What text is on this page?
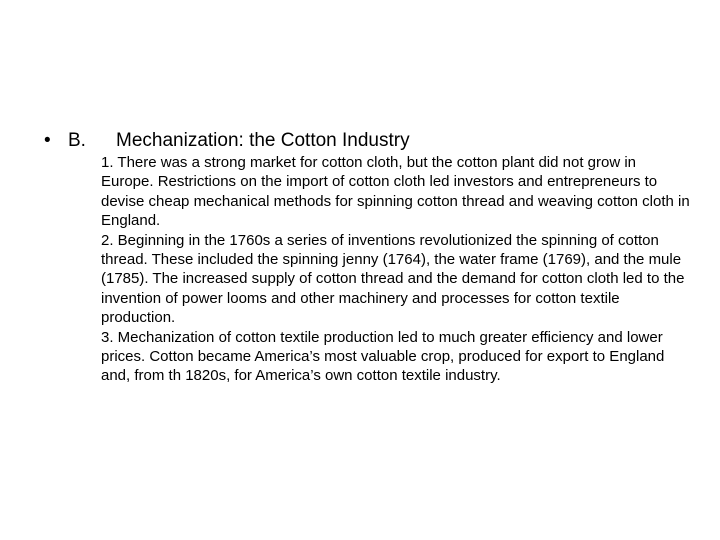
• B. Mechanization: the Cotton Industry

1. There was a strong market for cotton cloth, but the cotton plant did not grow in Europe. Restrictions on the import of cotton cloth led investors and entrepreneurs to devise cheap mechanical methods for spinning cotton thread and weaving cotton cloth in England.

2. Beginning in the 1760s a series of inventions revolutionized the spinning of cotton thread. These included the spinning jenny (1764), the water frame (1769), and the mule (1785). The increased supply of cotton thread and the demand for cotton cloth led to the invention of power looms and other machinery and processes for cotton textile production.

3. Mechanization of cotton textile production led to much greater efficiency and lower prices. Cotton became America’s most valuable crop, produced for export to England and, from th 1820s, for America’s own cotton textile industry.
